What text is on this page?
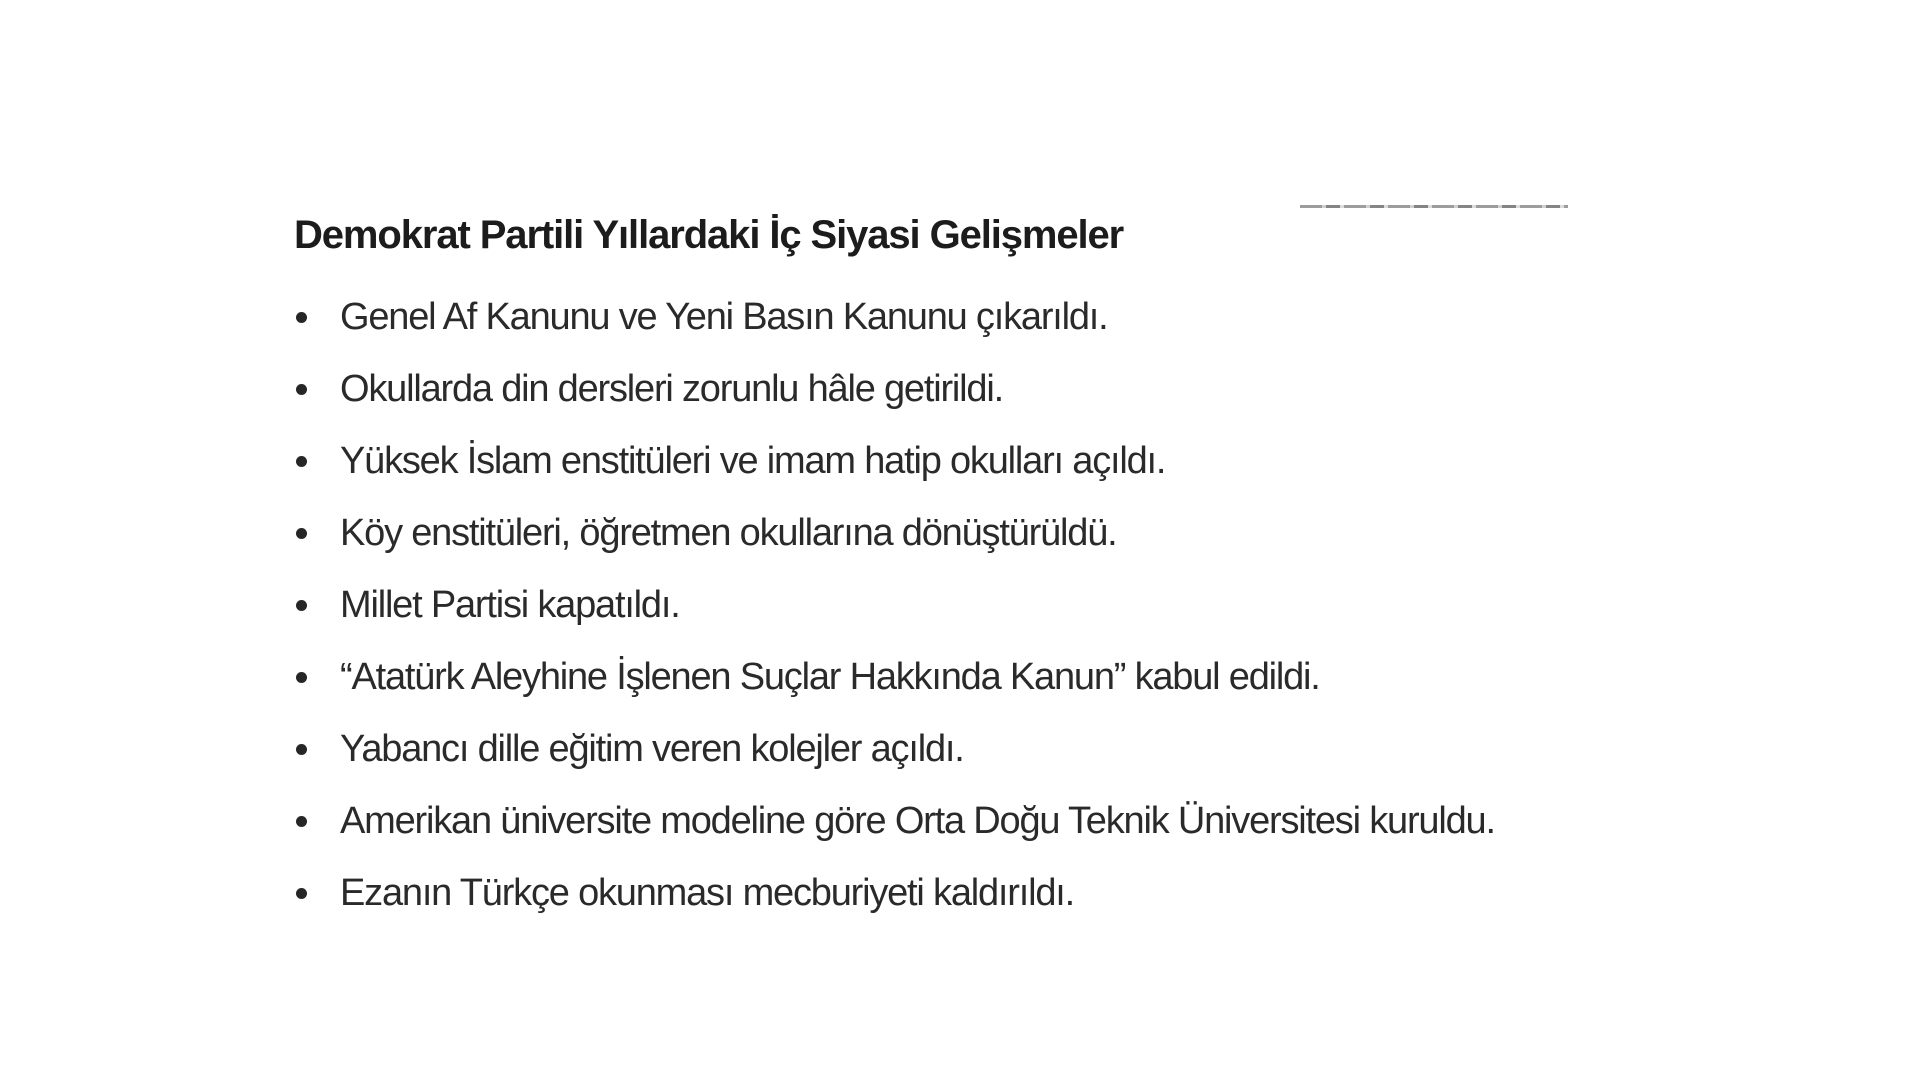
Demokrat Partili Yıllardaki İç Siyasi Gelişmeler
Genel Af Kanunu ve Yeni Basın Kanunu çıkarıldı.
Okullarda din dersleri zorunlu hâle getirildi.
Yüksek İslam enstitüleri ve imam hatip okulları açıldı.
Köy enstitüleri, öğretmen okullarına dönüştürüldü.
Millet Partisi kapatıldı.
“Atatürk Aleyhine İşlenen Suçlar Hakkında Kanun” kabul edildi.
Yabancı dille eğitim veren kolejler açıldı.
Amerikan üniversite modeline göre Orta Doğu Teknik Üniversitesi kuruldu.
Ezanın Türkçe okunması mecburiyeti kaldırıldı.
